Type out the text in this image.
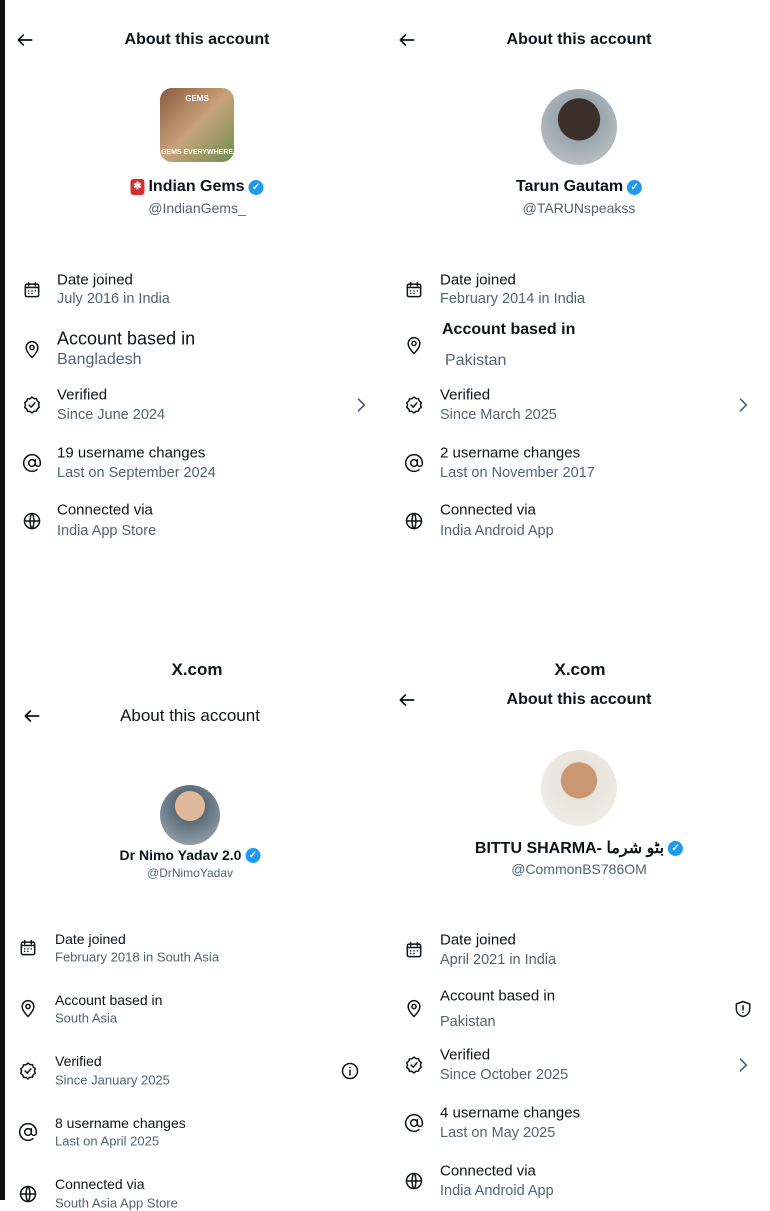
About this account
GEMS
GEMS EVERYWHERE
✱ Indian Gems ✓
@IndianGems_
Date joined
July 2016 in India
Account based in
Bangladesh
Verified
Since June 2024
19 username changes
Last on September 2024
Connected via
India App Store
About this account
Tarun Gautam ✓
@TARUNspeakss
Date joined
February 2014 in India
Account based in
Pakistan
Verified
Since March 2025
2 username changes
Last on November 2017
Connected via
India Android App
X.com
About this account
Dr Nimo Yadav 2.0 ✓
@DrNimoYadav
Date joined
February 2018 in South Asia
Account based in
South Asia
Verified
Since January 2025
8 username changes
Last on April 2025
Connected via
South Asia App Store
X.com
About this account
BITTU SHARMA- بٹو شرما ✓
@CommonBS786OM
Date joined
April 2021 in India
Account based in
Pakistan
Verified
Since October 2025
4 username changes
Last on May 2025
Connected via
India Android App
